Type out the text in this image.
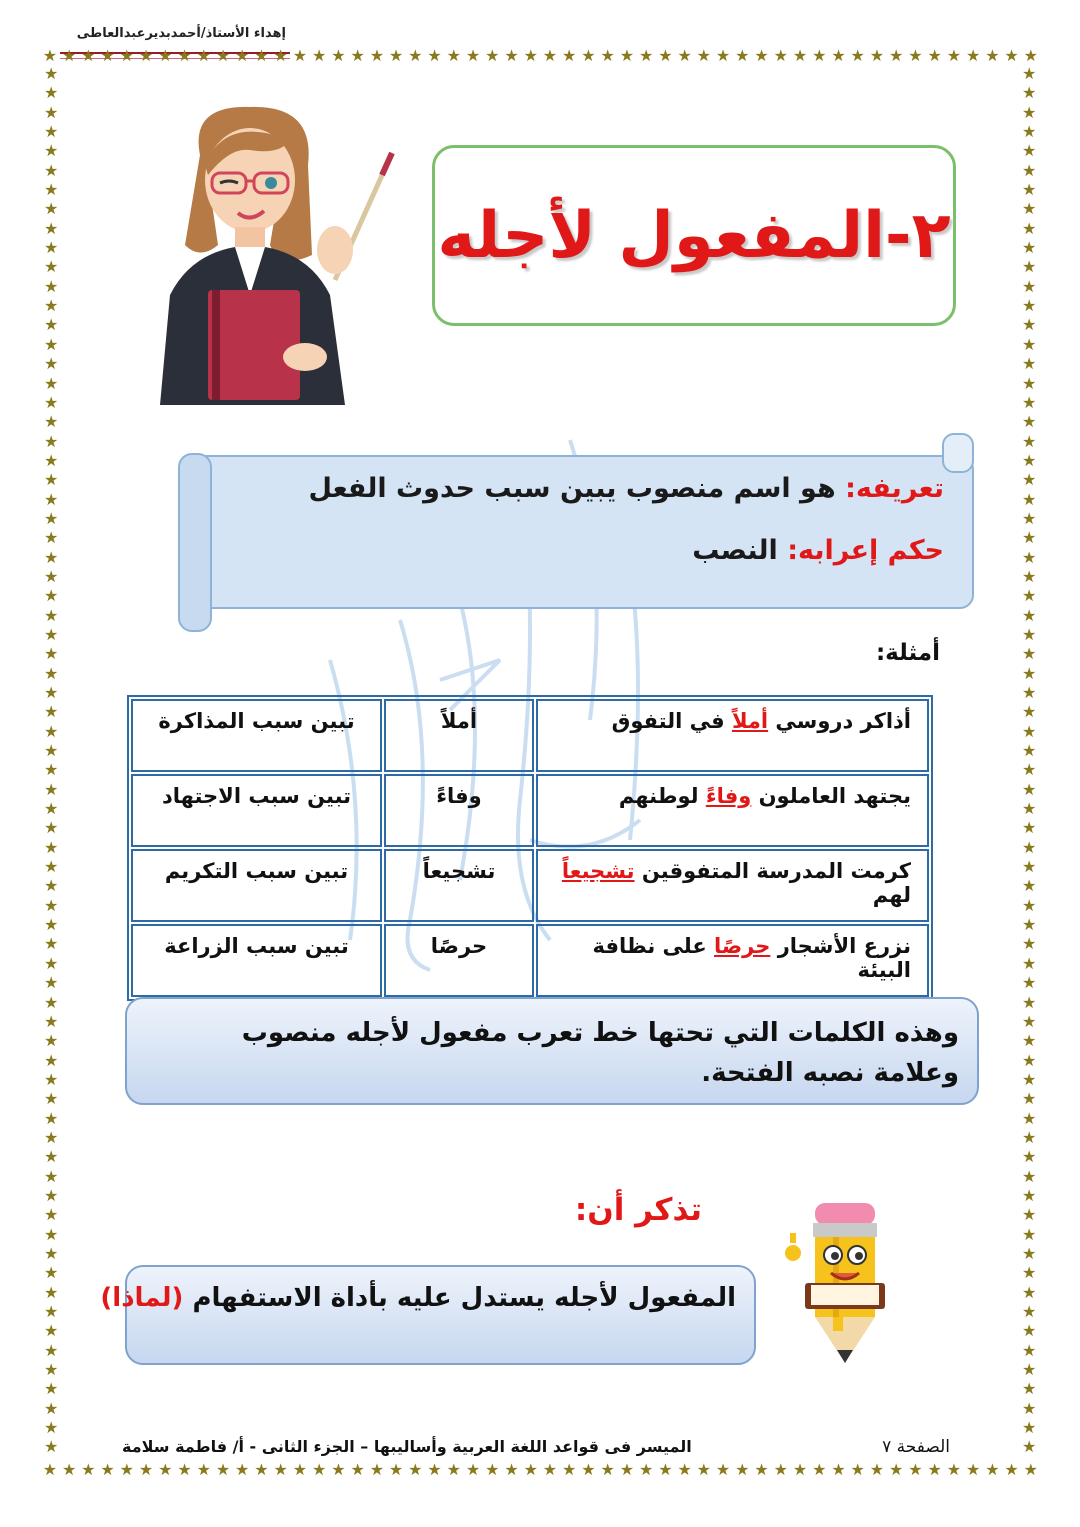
إهداء الأستاذ/أحمدبديرعبدالعاطى
★
★
★
★
★
★
★
★
★
★
★
★
★
★
★
★
★
★
★
★
★
★
★
★
★
★
★
★
★
★
★
★
★
★
★
★
★
★
★
★
★
★
★
★
★
★
★
★
★
★
★
★
★
★
★
★
★
★
★
★
★
★
★
★
★
★
★
★
★
★
★
★
★
★
★
★
★
★
★
★
★
★
★
★
★
★
★
★
★
★
★
★
★
★
★
★
★
★
★
★
★
★
★
★
★
★
★
★
★
★
★
★
★
★
★
★
★
★
★
★
★
★
★
★
★
★
★
★
★
★
★
★
★
★
★
★
★
★
★
★
★
★
★
★
★
★
★
★
★
★
★
★
★
★
★
★
★
★
★
★
★
★
★
★
★
★
★
★
★
★
★
★
★
★
★
★
★
★
★
★
★
★
★
★
★
★
★
★
★
★
★
★
★
★
★
★
★
★
★
★
★
★
★
★
★
★
★
★
★
★
★
★
★
★
★
★
★
★
★
★
★
★
★
★
★
★
★
★
★
★
★
★
★
★
★
★
★
★
★
★
★
★
★
★
★
★
★
★
٢-المفعول لأجله
تعريفه: هو اسم منصوب يبين سبب حدوث الفعل
حكم إعرابه: النصب
أمثلة:
أذاكر دروسي أملاً في التفوق	أملاً	تبين سبب المذاكرة
يجتهد العاملون وفاءً لوطنهم	وفاءً	تبين سبب الاجتهاد
كرمت المدرسة المتفوقين تشجيعاً لهم	تشجيعاً	تبين سبب التكريم
نزرع الأشجار حرصًا على نظافة البيئة	حرصًا	تبين سبب الزراعة
وهذه الكلمات التي تحتها خط تعرب مفعول لأجله منصوب وعلامة نصبه الفتحة.
تذكر أن:
المفعول لأجله يستدل عليه بأداة الاستفهام (لماذا)
الصفحة ٧
الميسر فى قواعد اللغة العربية وأساليبها – الجزء الثانى - أ/ فاطمة سلامة
